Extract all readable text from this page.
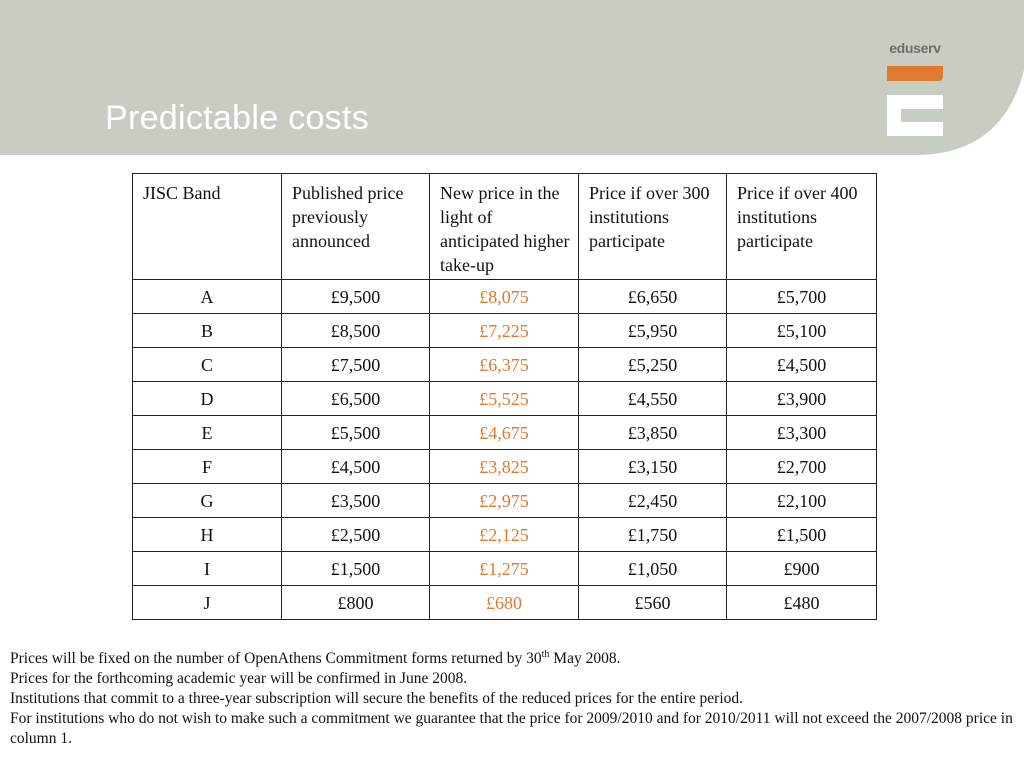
Predictable costs
eduserv
JISC Band	Published price previously announced	New price in the light of anticipated higher take-up	Price if over 300 institutions participate	Price if over 400 institutions participate
A	£9,500	£8,075	£6,650	£5,700
B	£8,500	£7,225	£5,950	£5,100
C	£7,500	£6,375	£5,250	£4,500
D	£6,500	£5,525	£4,550	£3,900
E	£5,500	£4,675	£3,850	£3,300
F	£4,500	£3,825	£3,150	£2,700
G	£3,500	£2,975	£2,450	£2,100
H	£2,500	£2,125	£1,750	£1,500
I	£1,500	£1,275	£1,050	£900
J	£800	£680	£560	£480

Prices will be fixed on the number of OpenAthens Commitment forms returned by 30th May 2008.

Prices for the forthcoming academic year will be confirmed in June 2008.

Institutions that commit to a three-year subscription will secure the benefits of the reduced prices for the entire period.

For institutions who do not wish to make such a commitment we guarantee that the price for 2009/2010 and for 2010/2011 will not exceed the 2007/2008 price in column 1.
